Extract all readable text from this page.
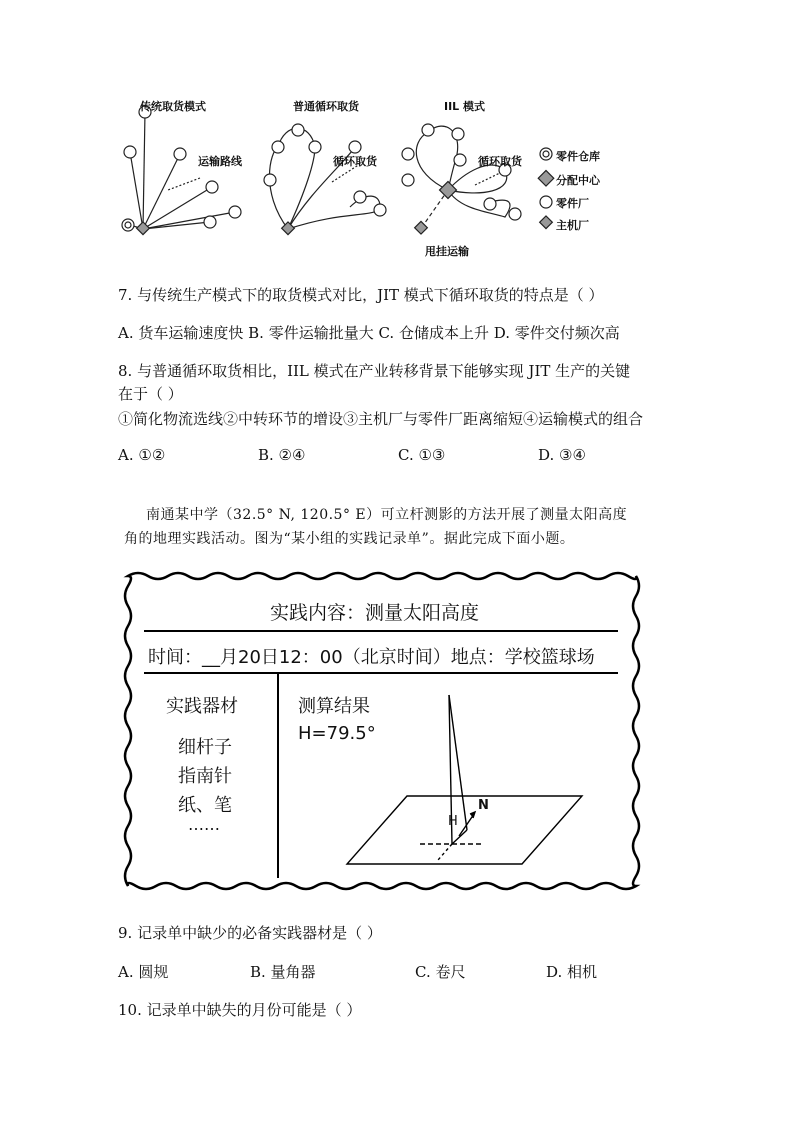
传统取货模式	普通循环取货	IIL 模式
运输路线	循环取货	循环取货
甩挂运输
零件仓库
分配中心
零件厂
主机厂
7. 与传统生产模式下的取货模式对比，JIT 模式下循环取货的特点是（ ）
A. 货车运输速度快 B. 零件运输批量大 C. 仓储成本上升 D. 零件交付频次高
8. 与普通循环取货相比，IIL 模式在产业转移背景下能够实现 JIT 生产的关键
在于（ ）
①简化物流选线②中转环节的增设③主机厂与零件厂距离缩短④运输模式的组合
A. ①②	B. ②④	C. ①③	D. ③④
南通某中学（32.5° N, 120.5° E）可立杆测影的方法开展了测量太阳高度
角的地理实践活动。图为“某小组的实践记录单”。据此完成下面小题。
实践内容：测量太阳高度
时间：__月20日12：00（北京时间）地点：学校篮球场
实践器材
细杆子
指南针
纸、笔
……
测算结果
H=79.5°
N
H
9. 记录单中缺少的必备实践器材是（ ）
A. 圆规	B. 量角器	C. 卷尺	D. 相机
10. 记录单中缺失的月份可能是（ ）
